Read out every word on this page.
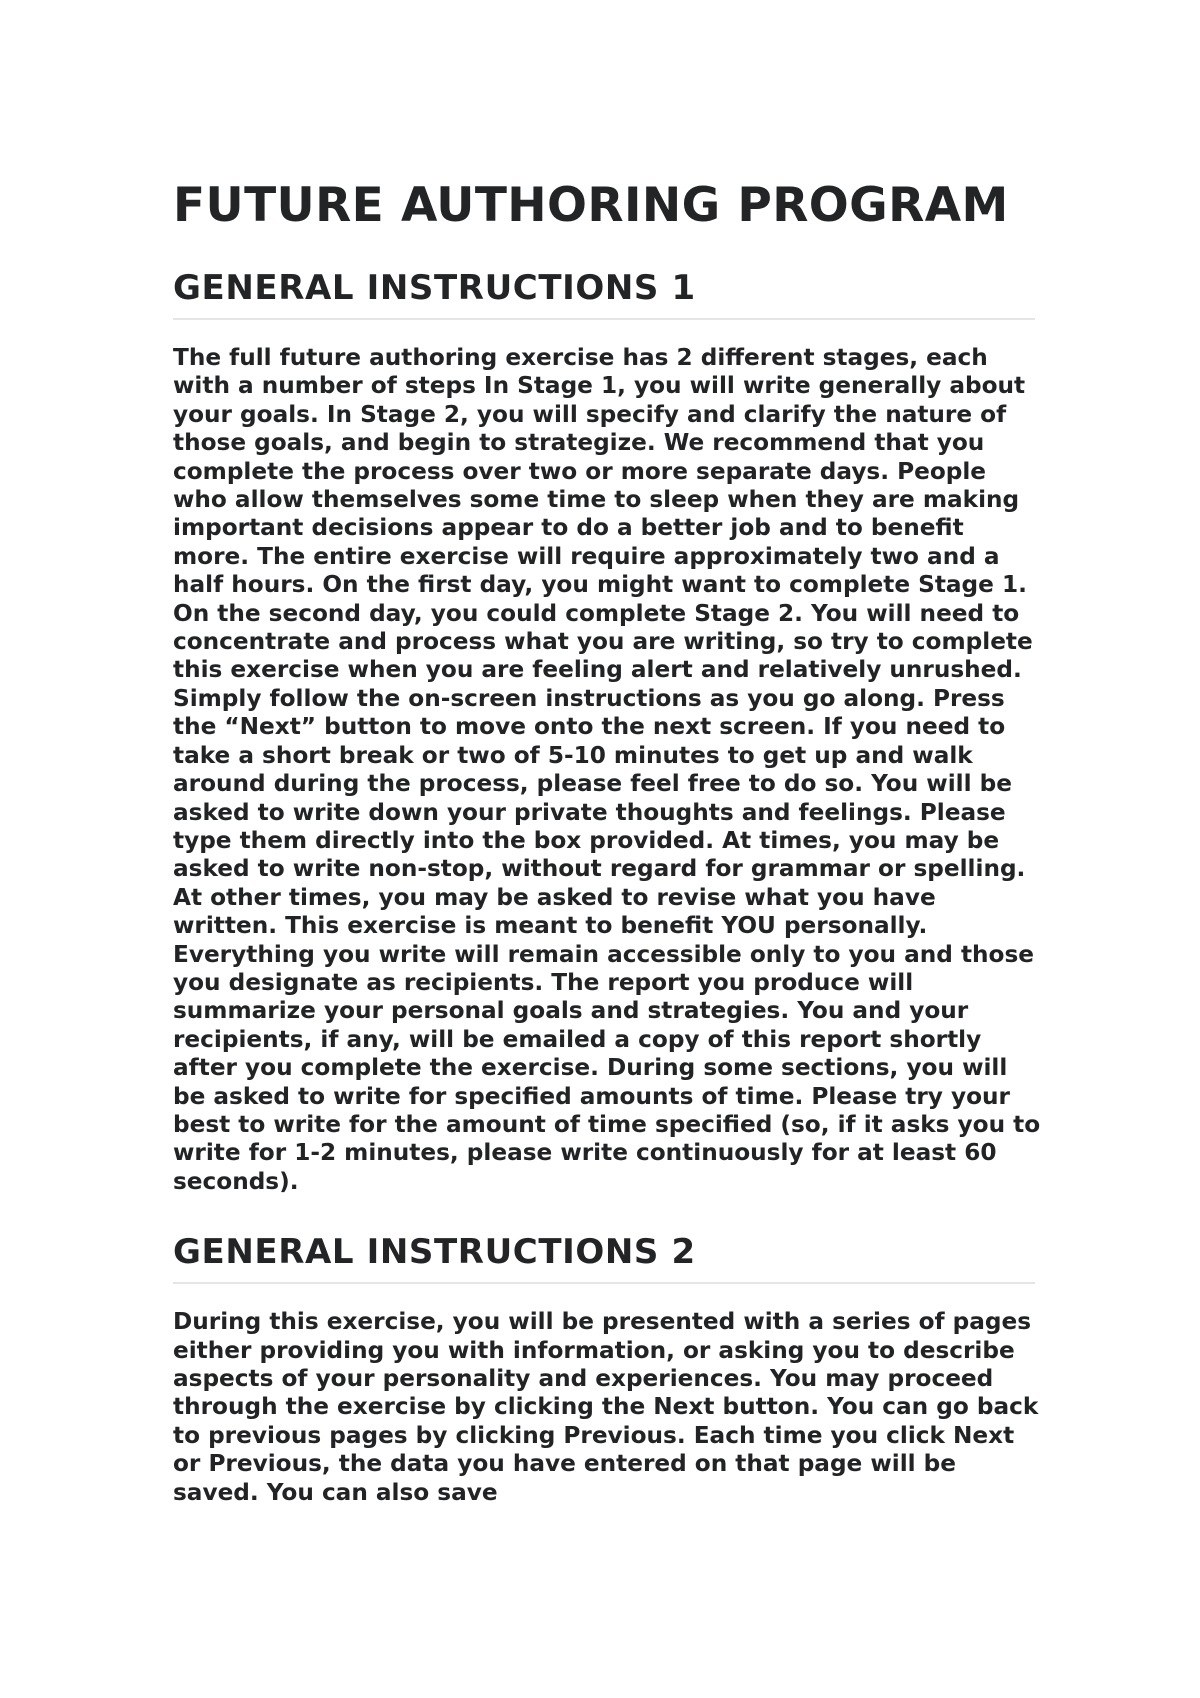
FUTURE AUTHORING PROGRAM
GENERAL INSTRUCTIONS 1

The full future authoring exercise has 2 different stages, each with a number of steps In Stage 1, you will write generally about your goals. In Stage 2, you will specify and clarify the nature of those goals, and begin to strategize. We recommend that you complete the process over two or more separate days. People who allow themselves some time to sleep when they are making important decisions appear to do a better job and to benefit more. The entire exercise will require approximately two and a half hours. On the first day, you might want to complete Stage 1. On the second day, you could complete Stage 2. You will need to concentrate and process what you are writing, so try to complete this exercise when you are feeling alert and relatively unrushed. Simply follow the on-screen instructions as you go along. Press the “Next” button to move onto the next screen. If you need to take a short break or two of 5-10 minutes to get up and walk around during the process, please feel free to do so. You will be asked to write down your private thoughts and feelings. Please type them directly into the box provided. At times, you may be asked to write non-stop, without regard for grammar or spelling. At other times, you may be asked to revise what you have written. This exercise is meant to benefit YOU personally. Everything you write will remain accessible only to you and those you designate as recipients. The report you produce will summarize your personal goals and strategies. You and your recipients, if any, will be emailed a copy of this report shortly after you complete the exercise. During some sections, you will be asked to write for specified amounts of time. Please try your best to write for the amount of time specified (so, if it asks you to write for 1-2 minutes, please write continuously for at least 60 seconds).

GENERAL INSTRUCTIONS 2

During this exercise, you will be presented with a series of pages either providing you with information, or asking you to describe aspects of your personality and experiences. You may proceed through the exercise by clicking the Next button. You can go back to previous pages by clicking Previous. Each time you click Next or Previous, the data you have entered on that page will be saved. You can also save
